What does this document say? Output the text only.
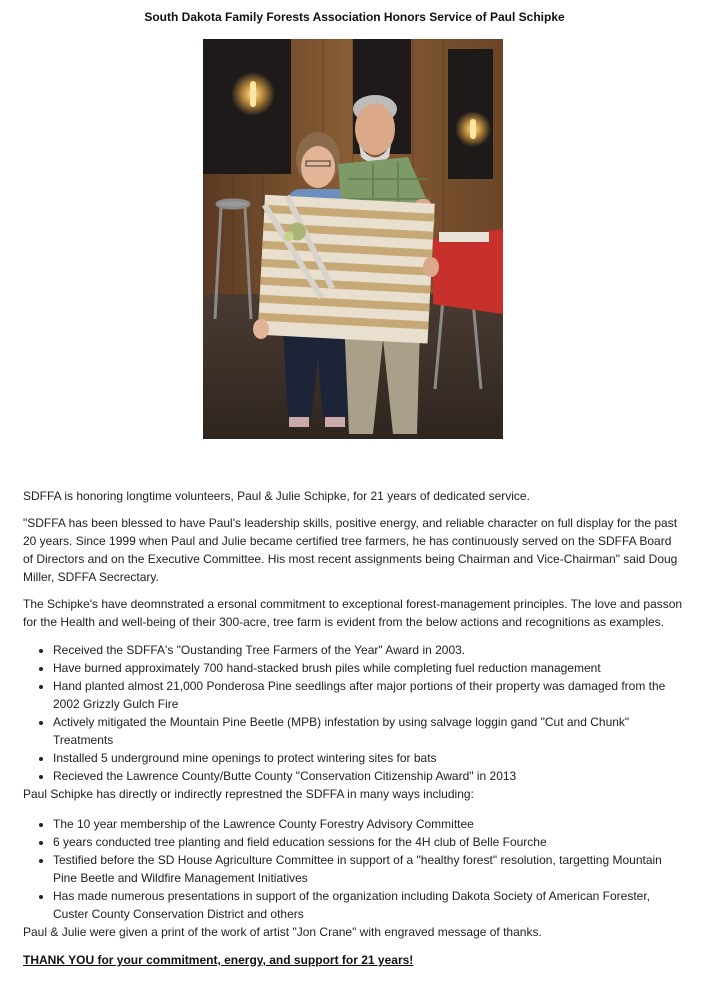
South Dakota Family Forests Association Honors Service of Paul Schipke

SDFFA is honoring longtime volunteers, Paul & Julie Schipke, for 21 years of dedicated service.

"SDFFA has been blessed to have Paul's leadership skills, positive energy, and reliable character on full display for the past 20 years. Since 1999 when Paul and Julie became certified tree farmers, he has continuously served on the SDFFA Board of Directors and on the Executive Committee. His most recent assignments being Chairman and Vice-Chairman" said Doug Miller, SDFFA Secrectary.

The Schipke's have deomnstrated a ersonal commitment to exceptional forest-management principles. The love and passon for the Health and well-being of their 300-acre, tree farm is evident from the below actions and recognitions as examples.

• Received the SDFFA's "Oustanding Tree Farmers of the Year" Award in 2003.
• Have burned approximately 700 hand-stacked brush piles while completing fuel reduction management
• Hand planted almost 21,000 Ponderosa Pine seedlings after major portions of their property was damaged from the 2002 Grizzly Gulch Fire
• Actively mitigated the Mountain Pine Beetle (MPB) infestation by using salvage loggin gand "Cut and Chunk" Treatments
• Installed 5 underground mine openings to protect wintering sites for bats
• Recieved the Lawrence County/Butte County "Conservation Citizenship Award" in 2013
Paul Schipke has directly or indirectly represtned the SDFFA in many ways including:
• The 10 year membership of the Lawrence County Forestry Advisory Committee
• 6 years conducted tree planting and field education sessions for the 4H club of Belle Fourche
• Testified before the SD House Agriculture Committee in support of a "healthy forest" resolution, targetting Mountain Pine Beetle and Wildfire Management Initiatives
• Has made numerous presentations in support of the organization including Dakota Society of American Forester, Custer County Conservation District and others
Paul & Julie were given a print of the work of artist "Jon Crane" with engraved message of thanks.
THANK YOU for your commitment, energy, and support for 21 years!
